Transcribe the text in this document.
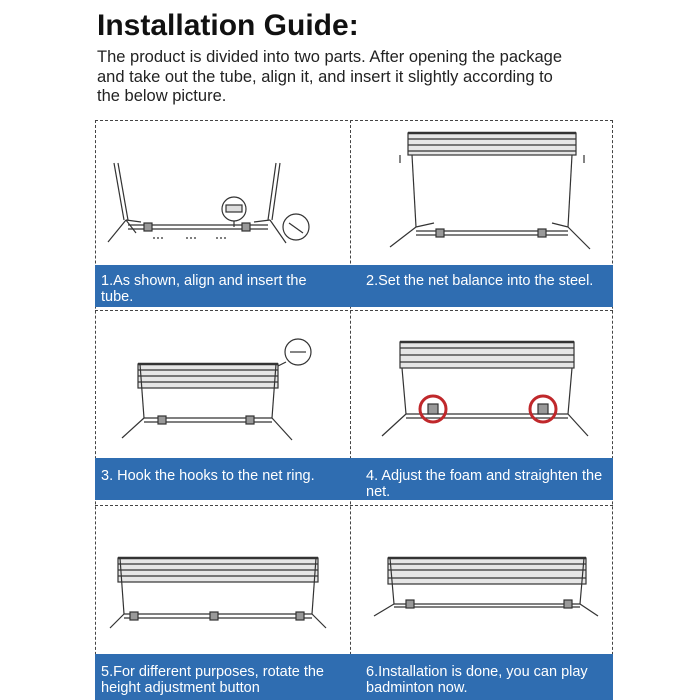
Installation Guide:
The product is divided into two parts. After opening the package and take out the tube, align it, and insert it slightly according to the below picture.
1.As shown, align and insert the tube.
2.Set the net balance into the steel.
3. Hook the hooks to the net ring.	4. Adjust the foam and straighten the net.
5.For different purposes, rotate the height adjustment button
6.Installation is done, you can play badminton now.
